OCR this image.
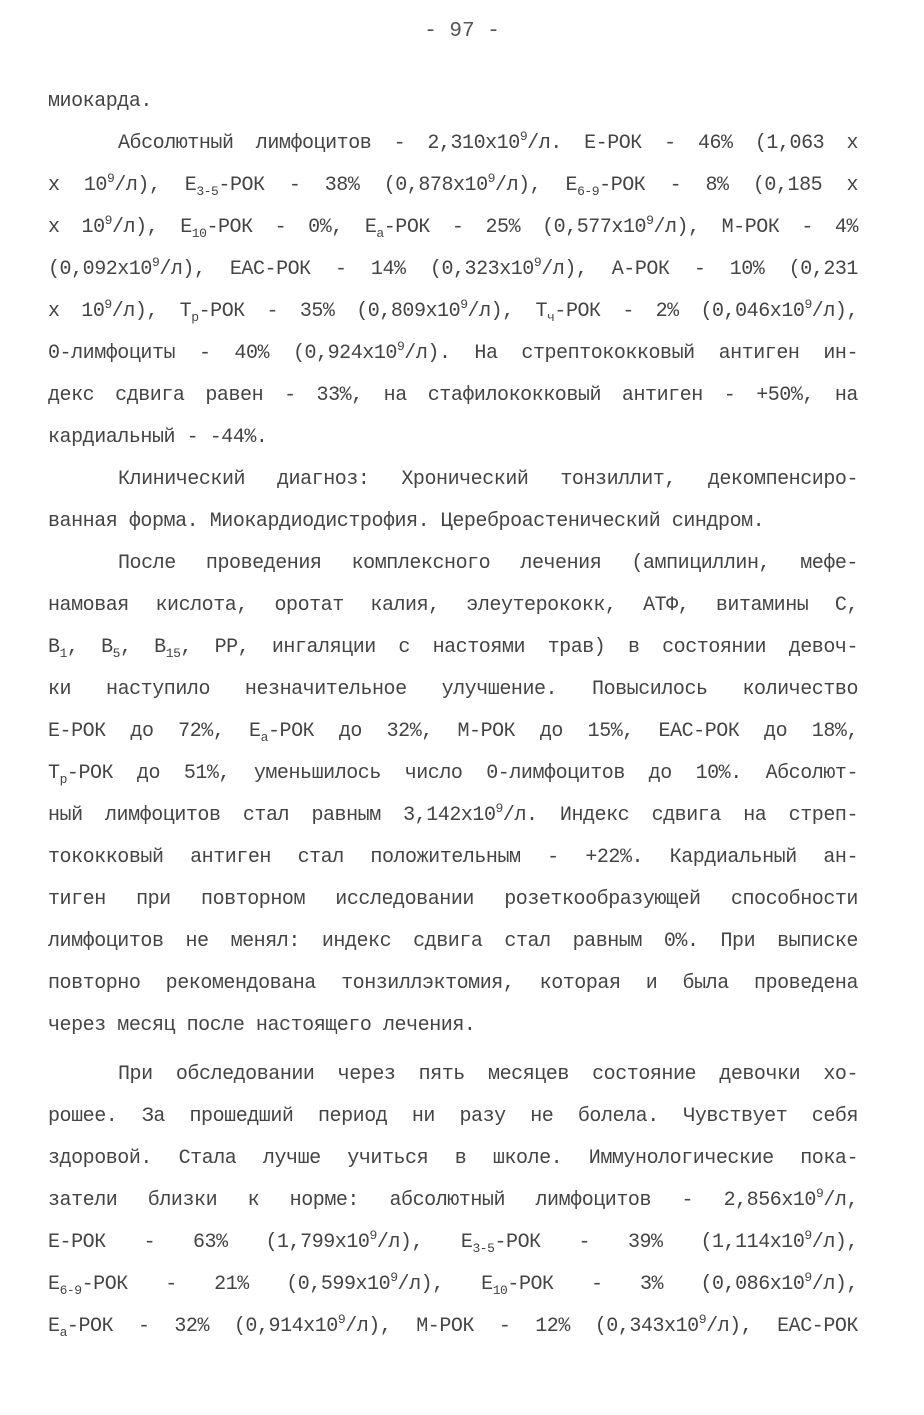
- 97 -
миокарда.
Абсолютный лимфоцитов - $2,310х10^9/л$. Е-РОК - 46% (1,063 х
х $10^9/л$), $Е_{3-5}$-РОК - 38% $(0,878х10^9/л)$, $Е_{6-9}$-РОК - 8% (0,185 х
х $10^9/л$), $Е_{10}$-РОК - 0%, $Е_а$-РОК - 25% $(0,577х10^9/л)$, М-РОК - 4%
$(0,092х10^9/л)$, ЕАС-РОК - 14% $(0,323х10^9/л)$, А-РОК - 10% (0,231
х $10^9/л$), $Т_р$-РОК - 35% $(0,809х10^9/л)$, $Т_ч$-РОК - 2% $(0,046х10^9/л)$,
0-лимфоциты - 40% $(0,924х10^9/л)$. На стрептококковый антиген ин-
декс сдвига равен - 33%, на стафилококковый антиген - +50%, на
кардиальный - -44%.
Клинический диагноз: Хронический тонзиллит, декомпенсиро-
ванная форма. Миокардиодистрофия. Цереброастенический синдром.
После проведения комплексного лечения (ампициллин, мефе-
намовая кислота, оротат калия, элеутерококк, АТФ, витамины С,
$В_1$, $В_5$, $В_{15}$, РР, ингаляции с настоями трав) в состоянии девоч-
ки наступило незначительное улучшение. Повысилось количество
Е-РОК до 72%, $Е_а$-РОК до 32%, М-РОК до 15%, ЕАС-РОК до 18%,
$Т_р$-РОК до 51%, уменьшилось число 0-лимфоцитов до 10%. Абсолют-
ный лимфоцитов стал равным $3,142х10^9/л$. Индекс сдвига на стреп-
тококковый антиген стал положительным - +22%. Кардиальный ан-
тиген при повторном исследовании розеткообразующей способности
лимфоцитов не менял: индекс сдвига стал равным 0%. При выписке
повторно рекомендована тонзиллэктомия, которая и была проведена
через месяц после настоящего лечения.
При обследовании через пять месяцев состояние девочки хо-
рошее. За прошедший период ни разу не болела. Чувствует себя
здоровой. Стала лучше учиться в школе. Иммунологические пока-
затели близки к норме: абсолютный лимфоцитов - $2,856х10^9/л$,
Е-РОК - 63% $(1,799х10^9/л)$, $Е_{3-5}$-РОК - 39% $(1,114х10^9/л)$,
$Е_{6-9}$-РОК - 21% $(0,599х10^9/л)$, $Е_{10}$-РОК - 3% $(0,086х10^9/л)$,
$Е_а$-РОК - 32% $(0,914х10^9/л)$, М-РОК - 12% $(0,343х10^9/л)$, ЕАС-РОК
